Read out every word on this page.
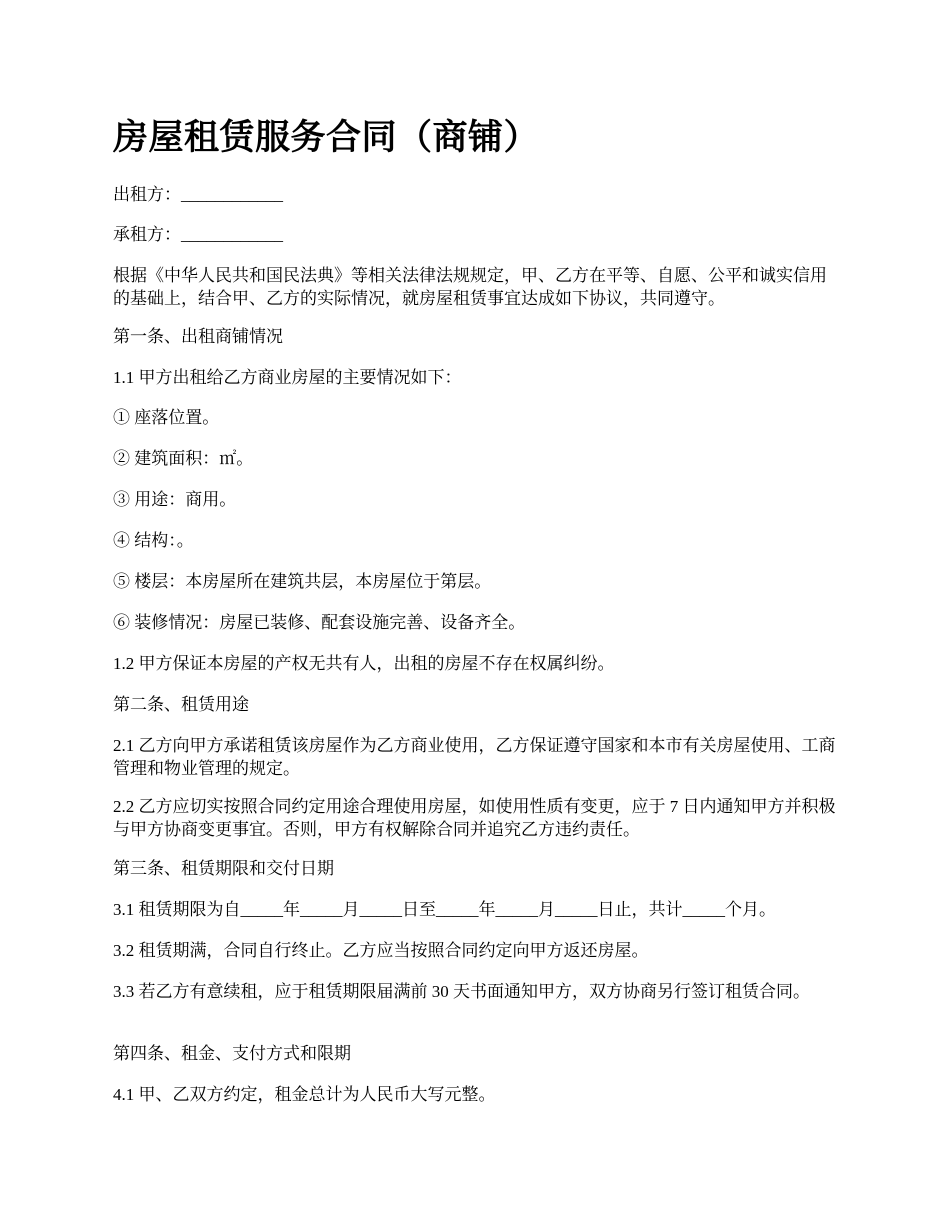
房屋租赁服务合同（商铺）

出租方：____________

承租方：____________

根据《中华人民共和国民法典》等相关法律法规规定，甲、乙方在平等、自愿、公平和诚实信用的基础上，结合甲、乙方的实际情况，就房屋租赁事宜达成如下协议，共同遵守。

第一条、出租商铺情况

1.1 甲方出租给乙方商业房屋的主要情况如下：

① 座落位置。

② 建筑面积：㎡。

③ 用途：商用。

④ 结构：。

⑤ 楼层：本房屋所在建筑共层，本房屋位于第层。

⑥ 装修情况：房屋已装修、配套设施完善、设备齐全。

1.2 甲方保证本房屋的产权无共有人，出租的房屋不存在权属纠纷。

第二条、租赁用途

2.1 乙方向甲方承诺租赁该房屋作为乙方商业使用，乙方保证遵守国家和本市有关房屋使用、工商管理和物业管理的规定。

2.2 乙方应切实按照合同约定用途合理使用房屋，如使用性质有变更，应于 7 日内通知甲方并积极与甲方协商变更事宜。否则，甲方有权解除合同并追究乙方违约责任。

第三条、租赁期限和交付日期

3.1 租赁期限为自_____年_____月_____日至_____年_____月_____日止，共计_____个月。

3.2 租赁期满，合同自行终止。乙方应当按照合同约定向甲方返还房屋。

3.3 若乙方有意续租，应于租赁期限届满前 30 天书面通知甲方，双方协商另行签订租赁合同。

第四条、租金、支付方式和限期

4.1 甲、乙双方约定，租金总计为人民币大写元整。
